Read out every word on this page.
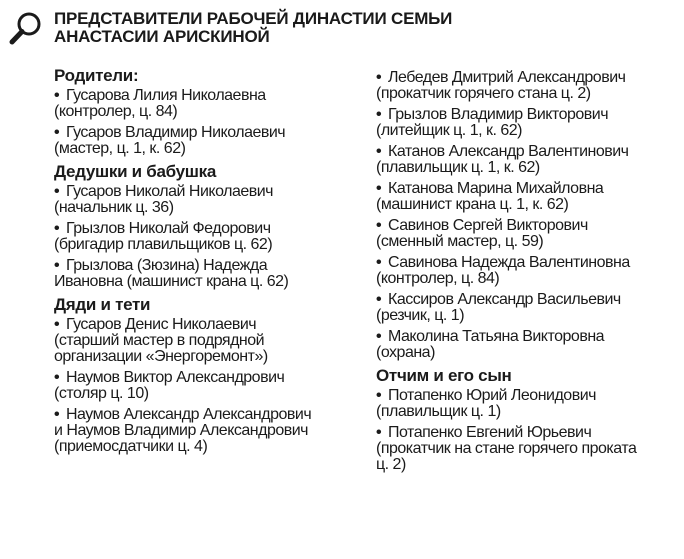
ПРЕДСТАВИТЕЛИ РАБОЧЕЙ ДИНАСТИИ СЕМЬИ
АНАСТАСИИ АРИСКИНОЙ
Родители:
• Гусарова Лилия Николаевна
(контролер, ц. 84)
• Гусаров Владимир Николаевич
(мастер, ц. 1, к. 62)
Дедушки и бабушка
• Гусаров Николай Николаевич
(начальник ц. 36)
• Грызлов Николай Федорович
(бригадир плавильщиков ц. 62)
• Грызлова (Зюзина) Надежда
Ивановна (машинист крана ц. 62)
Дяди и тети
• Гусаров Денис Николаевич
(старший мастер в подрядной
организации «Энергоремонт»)
• Наумов Виктор Александрович
(столяр ц. 10)
• Наумов Александр Александрович
и Наумов Владимир Александрович
(приемосдатчики ц. 4)
• Лебедев Дмитрий Александрович
(прокатчик горячего стана ц. 2)
• Грызлов Владимир Викторович
(литейщик ц. 1, к. 62)
• Катанов Александр Валентинович
(плавильщик ц. 1, к. 62)
• Катанова Марина Михайловна
(машинист крана ц. 1, к. 62)
• Савинов Сергей Викторович
(сменный мастер, ц. 59)
• Савинова Надежда Валентиновна
(контролер, ц. 84)
• Кассиров Александр Васильевич
(резчик, ц. 1)
• Маколина Татьяна Викторовна
(охрана)
Отчим и его сын
• Потапенко Юрий Леонидович
(плавильщик ц. 1)
• Потапенко Евгений Юрьевич
(прокатчик на стане горячего проката
ц. 2)
